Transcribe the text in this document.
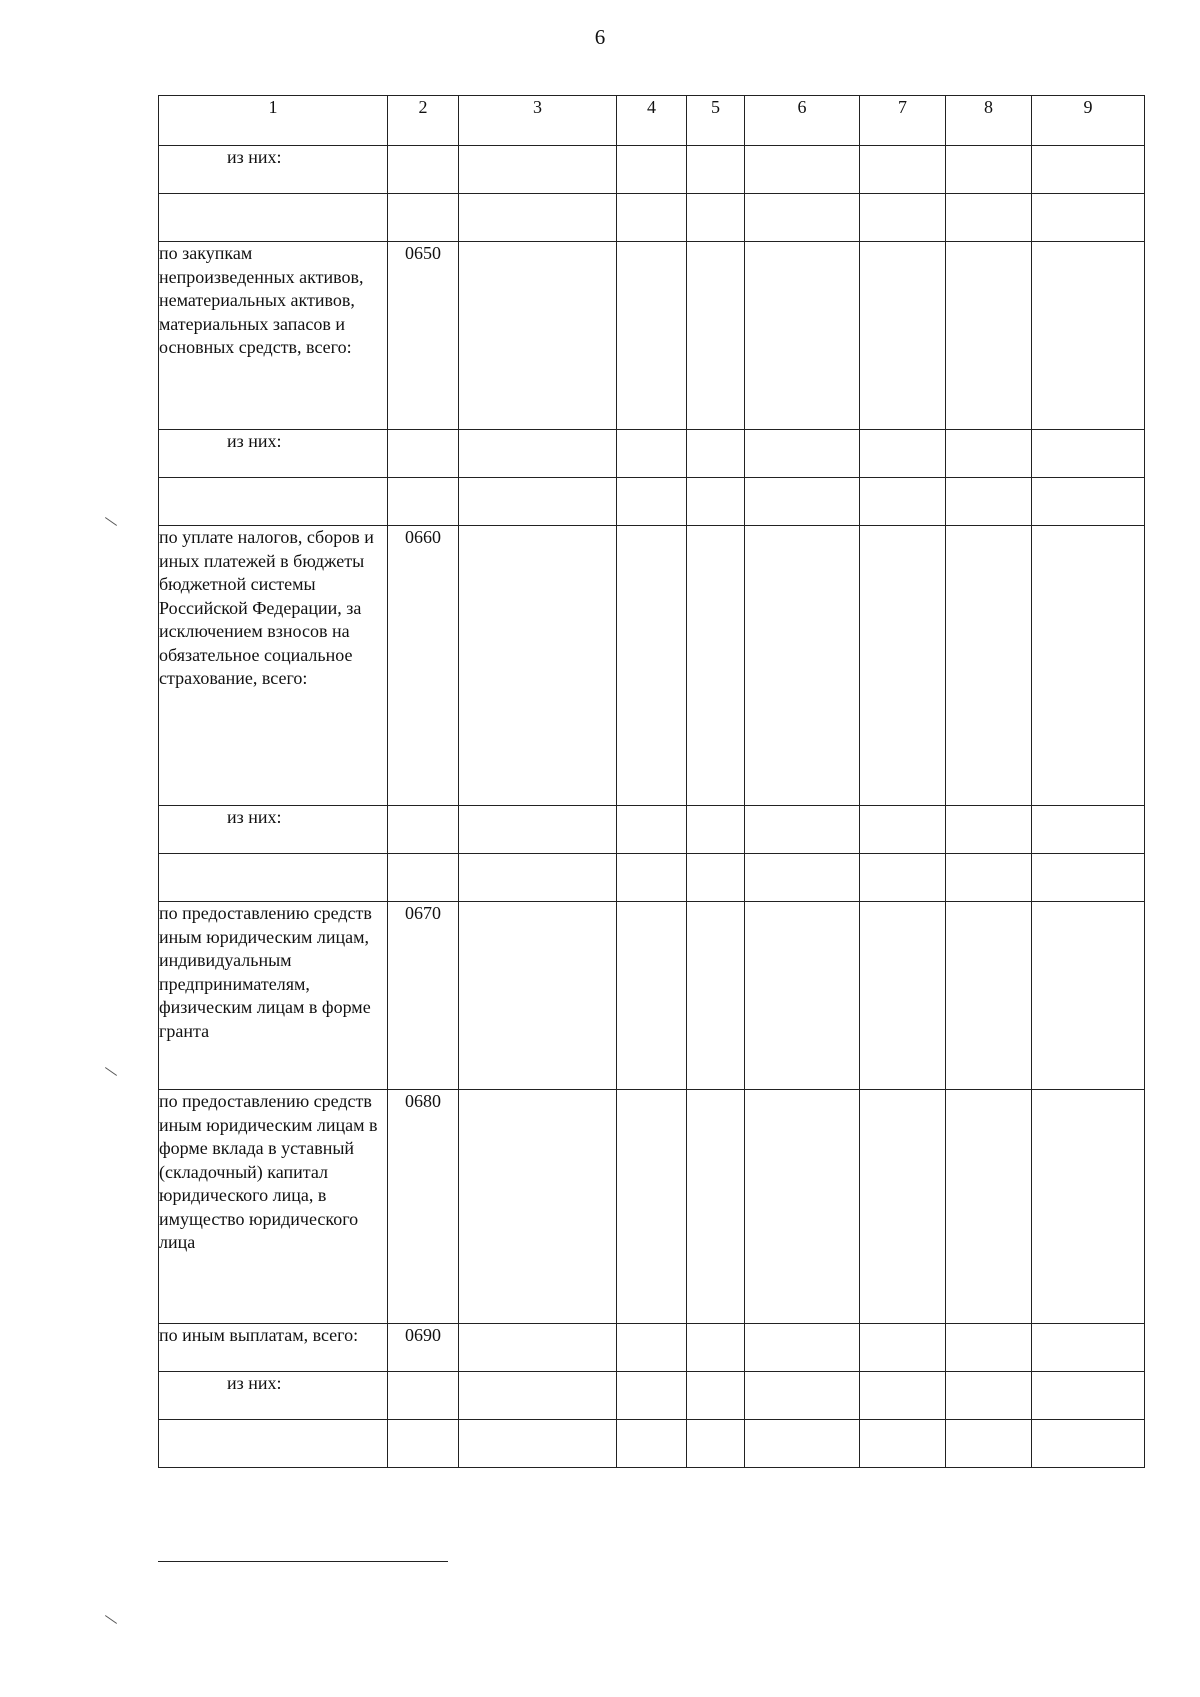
6
1	2	3	4	5	6	7	8	9
из них:								

по закупкам непроизведенных активов, нематериальных активов, материальных запасов и основных средств, всего:	0650							
из них:								

по уплате налогов, сборов и иных платежей в бюджеты бюджетной системы Российской Федерации, за исключением взносов на обязательное социальное страхование, всего:	0660							
из них:								

по предоставлению средств иным юридическим лицам, индивидуальным предпринимателям, физическим лицам в форме гранта	0670							
по предоставлению средств иным юридическим лицам в форме вклада в уставный (складочный) капитал юридического лица, в имущество юридического лица	0680							
по иным выплатам, всего:	0690							
из них:								
